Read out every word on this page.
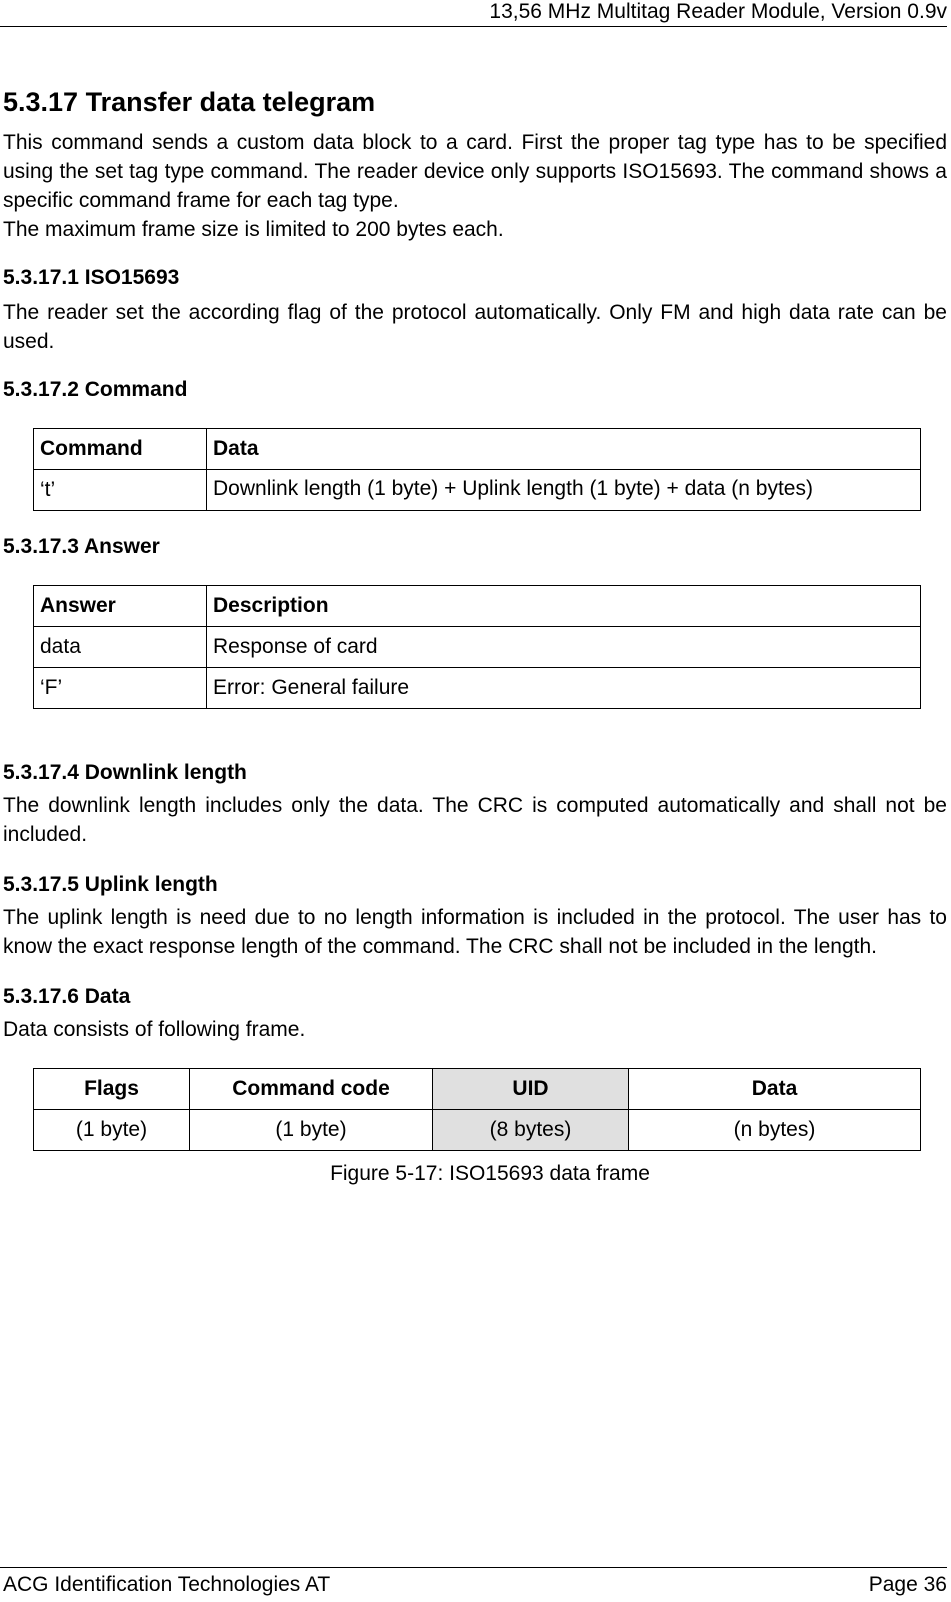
13,56 MHz Multitag Reader Module, Version 0.9v
5.3.17 Transfer data telegram

This command sends a custom data block to a card. First the proper tag type has to be specified using the set tag type command. The reader device only supports ISO15693. The command shows a specific command frame for each tag type.

The maximum frame size is limited to 200 bytes each.

5.3.17.1 ISO15693

The reader set the according flag of the protocol automatically. Only FM and high data rate can be used.

5.3.17.2 Command
Command	Data
‘t’	Downlink length (1 byte) + Uplink length (1 byte) + data (n bytes)
5.3.17.3 Answer
Answer	Description
data	Response of card
‘F’	Error: General failure
5.3.17.4 Downlink length

The downlink length includes only the data. The CRC is computed automatically and shall not be included.

5.3.17.5 Uplink length

The uplink length is need due to no length information is included in the protocol. The user has to know the exact response length of the command. The CRC shall not be included in the length.

5.3.17.6 Data

Data consists of following frame.

Flags	Command code	UID	Data
(1 byte)	(1 byte)	(8 bytes)	(n bytes)
Figure 5-17: ISO15693 data frame
ACG Identification Technologies AT	Page 36
